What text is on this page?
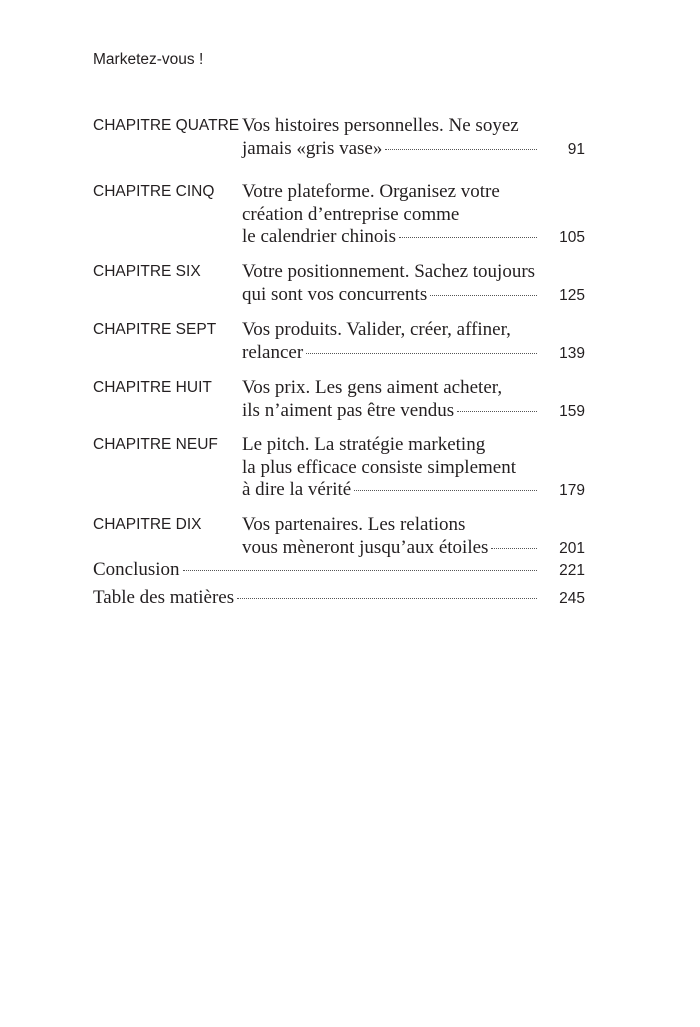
Marketez-vous !
CHAPITRE QUATRE Vos histoires personnelles. Ne soyez
jamais «gris vase»	91
CHAPITRE CINQ Votre plateforme. Organisez votre
création d’entreprise comme
le calendrier chinois	105
CHAPITRE SIX Votre positionnement. Sachez toujours
qui sont vos concurrents	125
CHAPITRE SEPT Vos produits. Valider, créer, affiner,
relancer	139
CHAPITRE HUIT Vos prix. Les gens aiment acheter,
ils n’aiment pas être vendus	159
CHAPITRE NEUF Le pitch. La stratégie marketing
la plus efficace consiste simplement
à dire la vérité	179
CHAPITRE DIX Vos partenaires. Les relations
vous mèneront jusqu’aux étoiles	201
Conclusion	221
Table des matières	245
